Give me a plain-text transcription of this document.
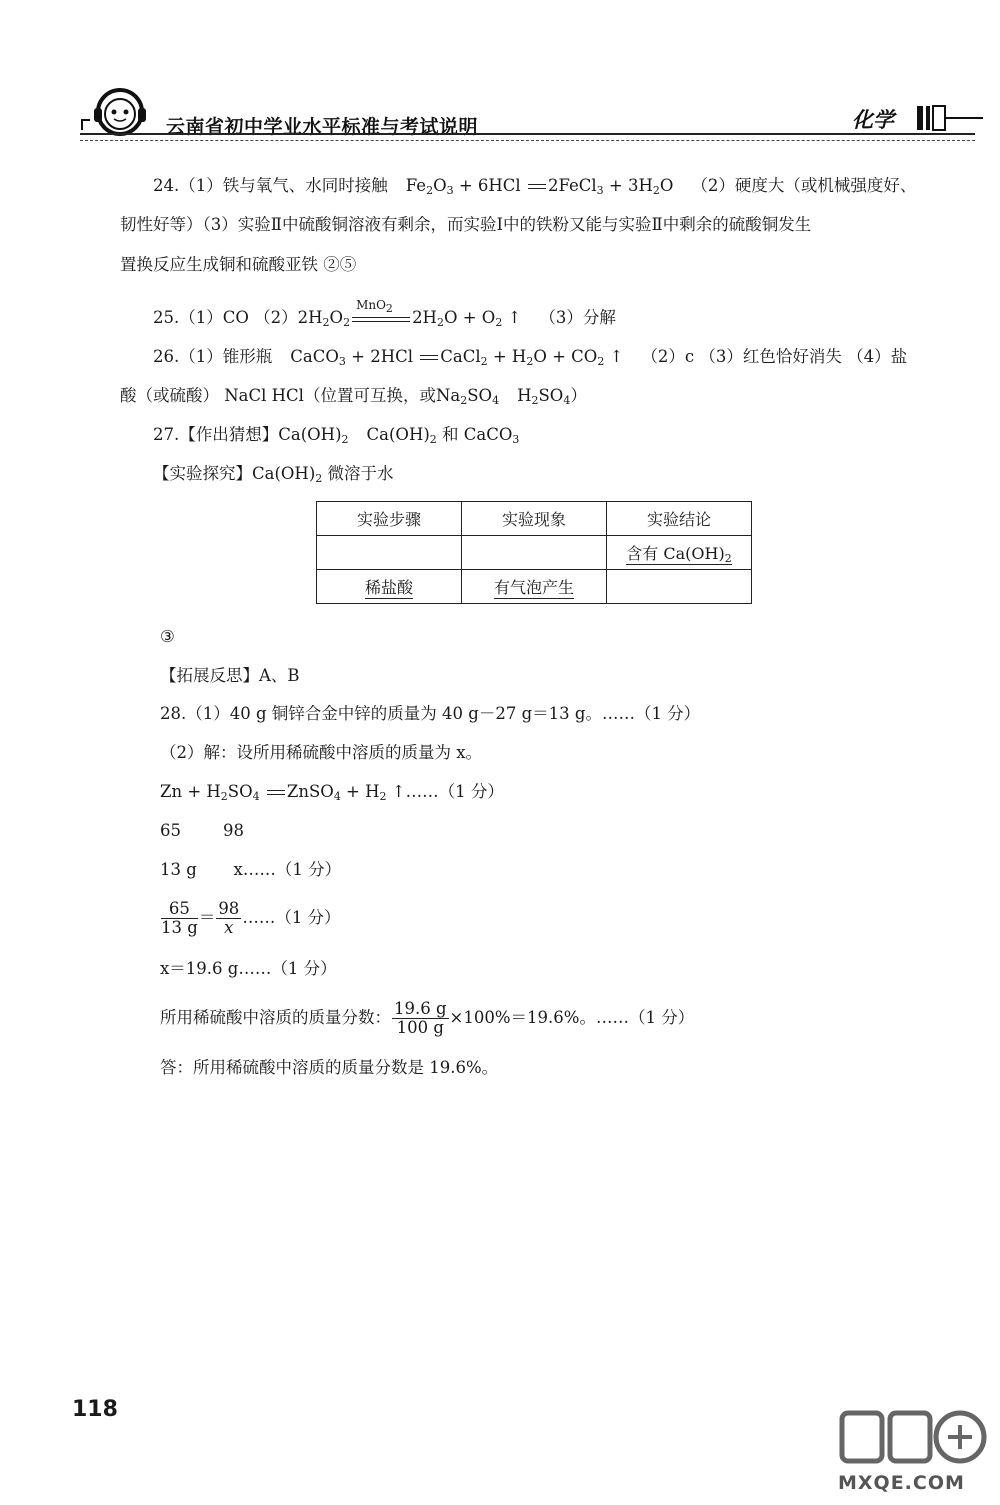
云南省初中学业水平标准与考试说明	化学
24.（1）铁与氧气、水同时接触 $Fe_2O_3 + 6HCl$ 2FeCl$_3$ + $3H_2O$ （2）硬度大（或机械强度好、
韧性好等）（3）实验Ⅱ中硫酸铜溶液有剩余，而实验Ⅰ中的铁粉又能与实验Ⅱ中剩余的硫酸铜发生
置换反应生成铜和硫酸亚铁 ②⑤
25.（1）CO $(2)2H_2O_2$
MnO$_2$ $2H_2O + O_2$ ↑ （3）分解
26.（1）锥形瓶 CaCO$_3$ + 2HCl CaCl$_2$ + $H_2O + CO_2$ ↑ （2）c （3）红色恰好消失 （4）盐
酸（或硫酸） NaCl HCl（位置可互换，或$Na_2SO_4$ $H_2SO_4$）
27.【作出猜想】$Ca(OH)_2$ $Ca(OH)_2$ 和 CaCO$_3$
【实验探究】$Ca(OH)_2$ 微溶于水
实验步骤	实验现象	实验结论
		含有 $Ca(OH)_2$
稀盐酸	有气泡产生	
③
【拓展反思】A、B
28.（1）40 g 铜锌合金中锌的质量为 40 g－27 g＝13 g。……（1 分）
（2）解：设所用稀硫酸中溶质的质量为 x。
$Zn + H_2SO_4$ ZnSO$_4$ + $H_2$ ↑……（1 分）
65        98
13 g       x……（1 分）
$\frac{65}{13 g} = \frac{98}{x}$ ……（1 分）
x＝19.6 g……（1 分）
所用稀硫酸中溶质的质量分数： $\frac{19.6 g}{100 g} \times 100\%=19.6\%$。……（1 分）
答：所用稀硫酸中溶质的质量分数是 19.6%。
118
MXQE.COM
